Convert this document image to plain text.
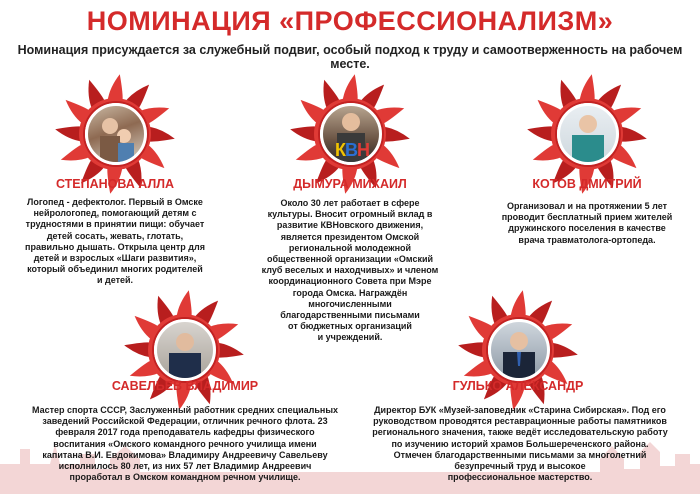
НОМИНАЦИЯ «ПРОФЕССИОНАЛИЗМ»
Номинация присуждается за служебный подвиг, особый подход к труду и самоотверженность на рабочем месте.
СТЕПАНОВА АЛЛА
Логопед - дефектолог. Первый в Омске
нейрологопед, помогающий детям с
трудностями в принятии пищи: обучает
детей сосать, жевать, глотать,
правильно дышать. Открыла центр для
детей и взрослых «Шаги развития»,
который объединил многих родителей
и детей.
КВН
ДЫМУРА МИХАИЛ
Около 30 лет работает в сфере
культуры. Вносит огромный вклад в
развитие КВНовского движения,
является президентом Омской
региональной молодежной
общественной организации «Омский
клуб веселых и находчивых» и членом
координационного Совета при Мэре
города Омска. Награждён
многочисленными
благодарственными письмами
от бюджетных организаций
и учреждений.
КОТОВ ДМИТРИЙ
Организовал и на протяжении 5 лет
проводит бесплатный прием жителей
дружинского поселения в качестве
врача травматолога-ортопеда.
САВЕЛЬЕВ ВЛАДИМИР
Мастер спорта СССР, Заслуженный работник средних специальных
заведений Российской Федерации, отличник речного флота. 23
февраля 2017 года преподаватель кафедры физического
воспитания «Омского командного речного училища имени
капитана В.И. Евдокимова» Владимиру Андреевичу Савельеву
исполнилось 80 лет, из них 57 лет Владимир Андреевич
проработал в Омском командном речном училище.
ГУЛЬКО АЛЕКСАНДР
Директор БУК «Музей-заповедник «Старина Сибирская». Под его
руководством проводятся реставрационные работы памятников
регионального значения, также ведёт исследовательскую работу
по изучению историй храмов Большереченского района.
Отмечен благодарственными письмами за многолетний
безупречный труд и высокое
профессиональное мастерство.
